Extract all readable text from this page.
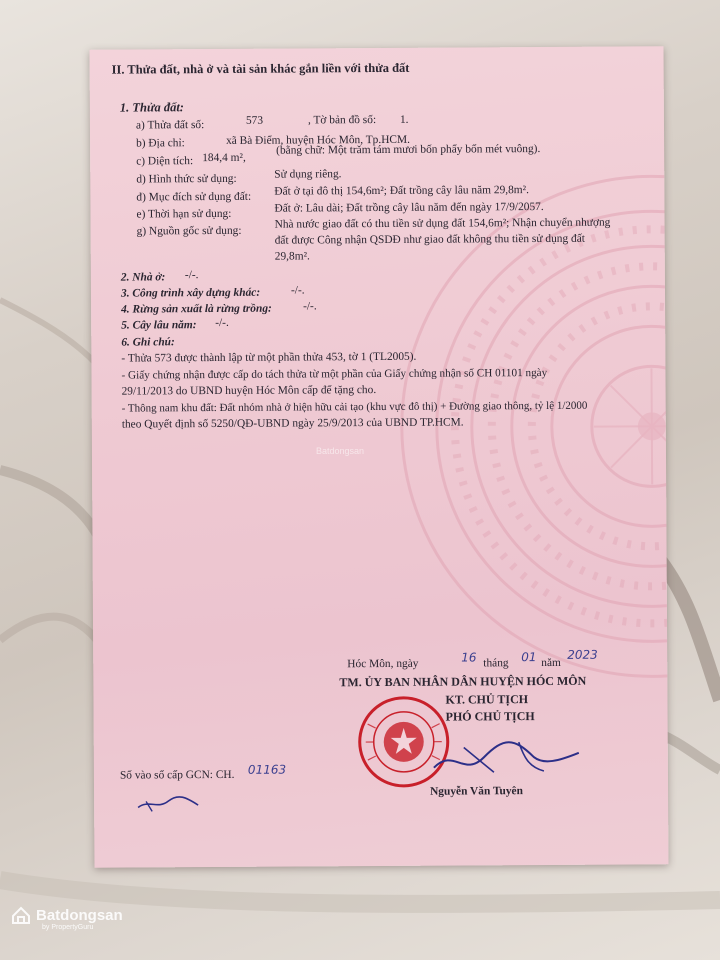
II. Thửa đất, nhà ở và tài sản khác gắn liền với thửa đất
1. Thửa đất:
a) Thửa đất số:	573	, Tờ bản đồ số: 1.
b) Địa chỉ:	xã Bà Điểm, huyện Hóc Môn, Tp.HCM.
c) Diện tích: 184,4 m²,
(bằng chữ: Một trăm tám mươi bốn phẩy bốn mét vuông).
d) Hình thức sử dụng:	Sử dụng riêng.
đ) Mục đích sử dụng đất: Đất ở tại đô thị 154,6m²; Đất trồng cây lâu năm 29,8m².
e) Thời hạn sử dụng:	Đất ở: Lâu dài; Đất trồng cây lâu năm đến ngày 17/9/2057.
g) Nguồn gốc sử dụng:
Nhà nước giao đất có thu tiền sử dụng đất 154,6m²; Nhận chuyển nhượng
đất được Công nhận QSDĐ như giao đất không thu tiền sử dụng đất
29,8m².
2. Nhà ở: -/-.
3. Công trình xây dựng khác:	-/-.
4. Rừng sản xuất là rừng trồng:	-/-.
5. Cây lâu năm: -/-.
6. Ghi chú:
- Thửa 573 được thành lập từ một phần thửa 453, tờ 1 (TL2005).
- Giấy chứng nhận được cấp do tách thửa từ một phần của Giấy chứng nhận số CH 01101 ngày
29/11/2013 do UBND huyện Hóc Môn cấp để tặng cho.
- Thông nam khu đất: Đất nhóm nhà ở hiện hữu cải tạo (khu vực đô thị) + Đường giao thông, tỷ lệ 1/2000
theo Quyết định số 5250/QĐ-UBND ngày 25/9/2013 của UBND TP.HCM.
Hóc Môn, ngày	16 tháng 01 năm
2023
TM. ỦY BAN NHÂN DÂN HUYỆN HÓC MÔN
KT. CHỦ TỊCH
PHÓ CHỦ TỊCH
Nguyễn Văn Tuyên
Số vào sổ cấp GCN: CH. 01163
Batdongsan
Batdongsan
by PropertyGuru
